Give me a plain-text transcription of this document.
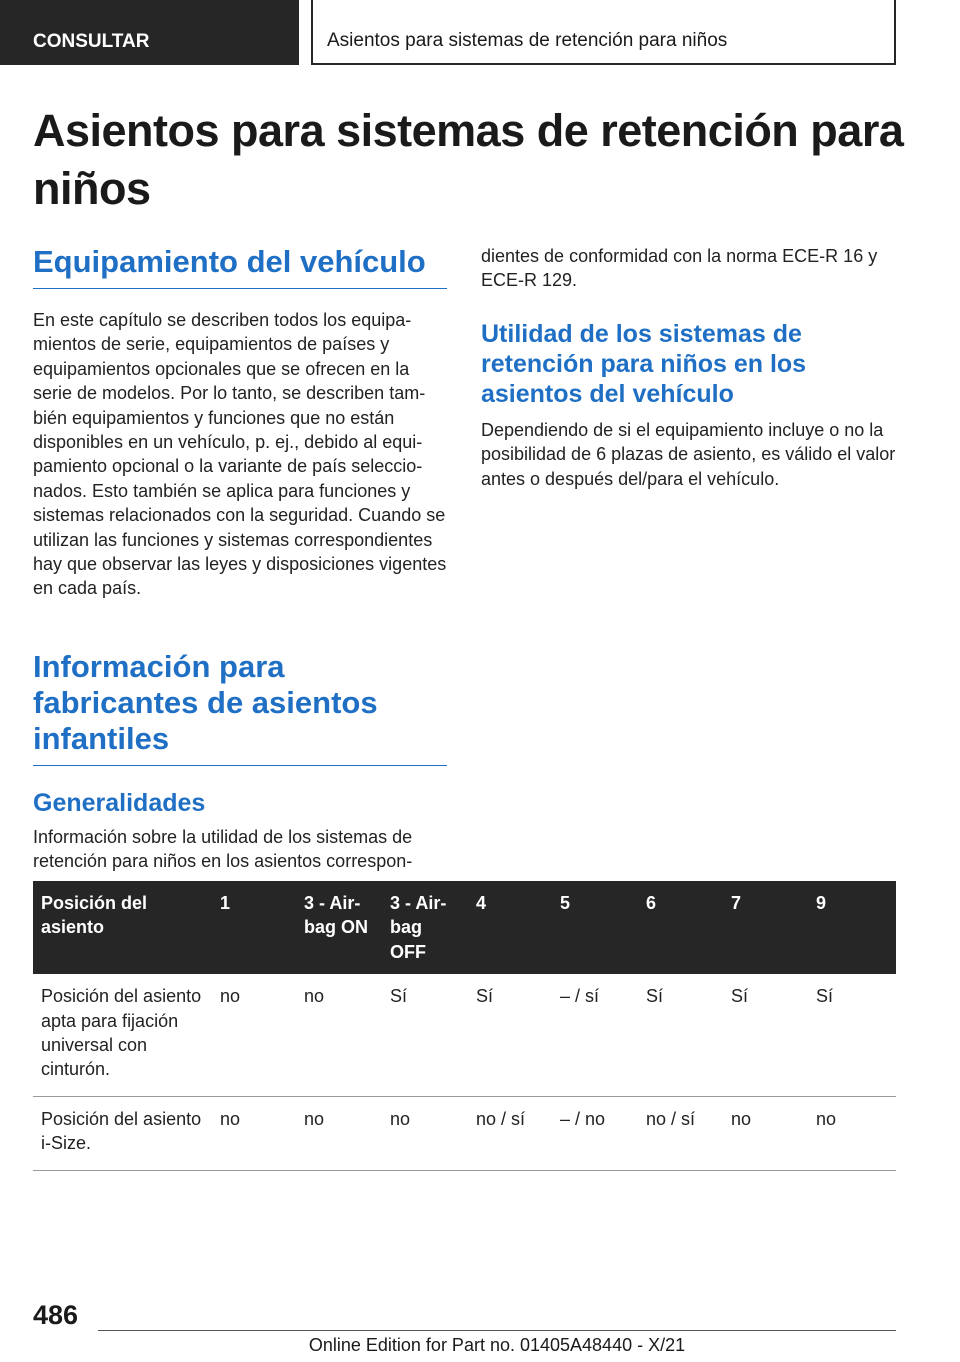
CONSULTAR	Asientos para sistemas de retención para niños
Asientos para sistemas de retención para niños
Equipamiento del vehículo

En este capítulo se describen todos los equipamientos de serie, equipamientos de países y equipamientos opcionales que se ofrecen en la serie de modelos. Por lo tanto, se describen también equipamientos y funciones que no están disponibles en un vehículo, p. ej., debido al equipamiento opcional o la variante de país seleccionados. Esto también se aplica para funciones y sistemas relacionados con la seguridad. Cuando se utilizan las funciones y sistemas correspondientes hay que observar las leyes y disposiciones vigentes en cada país.

Información para fabricantes de asientos infantiles
Generalidades

Información sobre la utilidad de los sistemas de retención para niños en los asientos correspon

ientes de conformidad con la norma ECE-R 16 y ECE-R 129.

Utilidad de los sistemas de retención para niños en los asientos del vehículo

Dependiendo de si el equipamiento incluye o no la posibilidad de 6 plazas de asiento, es válido el valor antes o después del/para el vehículo.

Posición del asiento	1	3 - Airbag ON	3 - Airbag OFF	4	5	6	7	9
Posición del asiento apta para fijación universal con cinturón.	no	no	Sí	Sí	– / sí	Sí	Sí	Sí
Posición del asiento i-Size.	no	no	no	no / sí	– / no	no / sí	no	no
486
Online Edition for Part no. 01405A48440 - X/21
